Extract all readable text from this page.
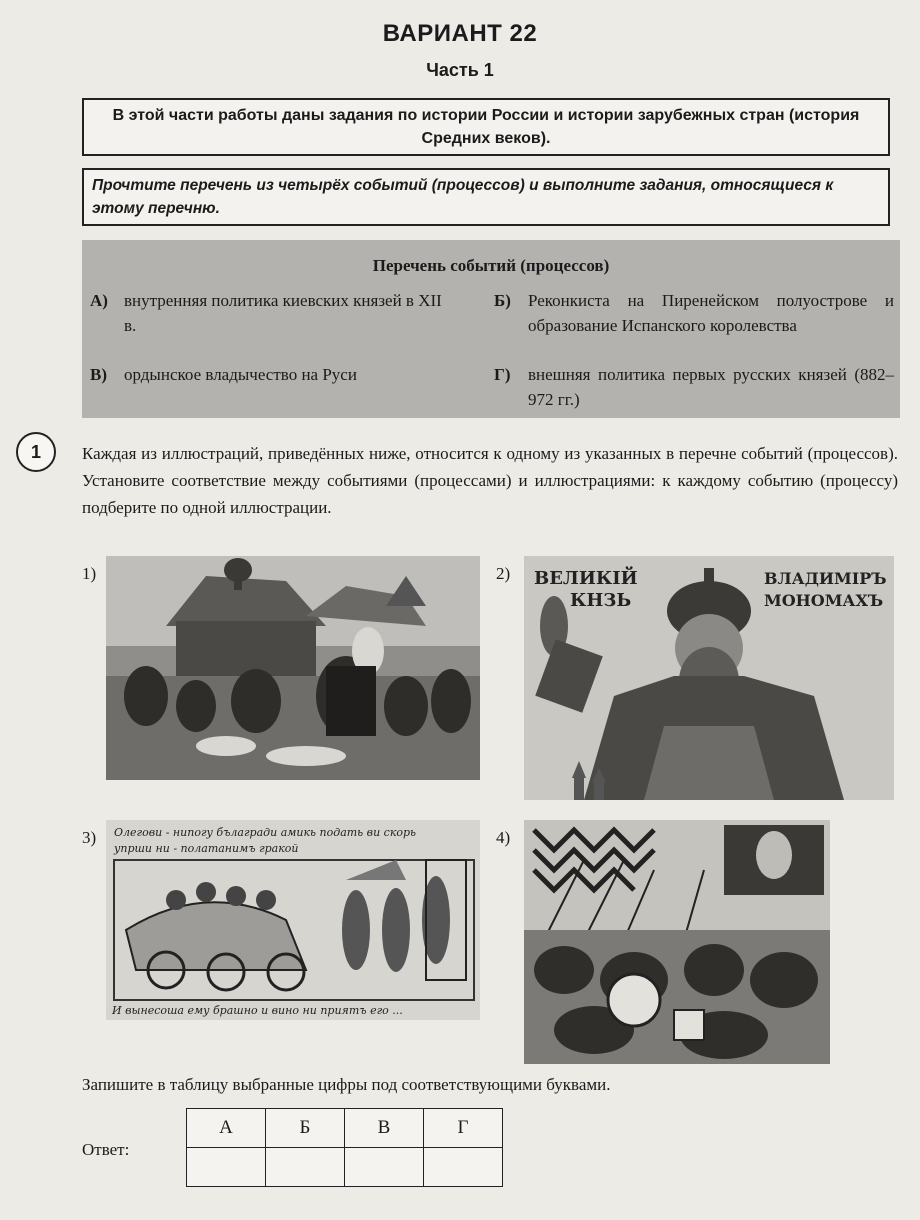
ВАРИАНТ 22
Часть 1
В этой части работы даны задания по истории России и истории зарубежных стран (история Средних веков).
Прочтите перечень из четырёх событий (процессов) и выполните задания, относящиеся к этому перечню.
Перечень событий (процессов)
А) внутренняя политика киевских князей в XII в.
Б) Реконкиста на Пиренейском полуострове и образование Испанского королевства
В) ордынское владычество на Руси	Г) внешняя политика первых русских князей (882–972 гг.)
1	Каждая из иллюстраций, приведённых ниже, относится к одному из указанных в перечне событий (процессов). Установите соответствие между событиями (процессами) и иллюстрациями: к каждому событию (процессу) подберите по одной иллюстрации.
1)	2) ВЕЛИКIЙ
КНЗЬ
ВЛАДИМIРЪ
МОНОМАХЪ
3) Олегови - нипогу бълагради амикь подать ви скорь
упрши ни - полатанимъ гракой
И вынесоша ему брашно и вино ни приятъ его ...
4)
Запишите в таблицу выбранные цифры под соответствующими буквами.
Ответ:
А	Б	В	Г
